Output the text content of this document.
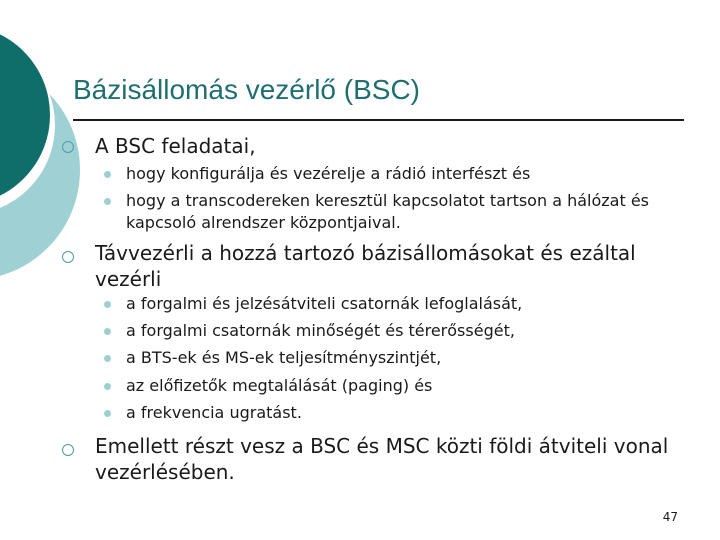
Bázisállomás vezérlő (BSC)
A BSC feladatai,
hogy konfigurálja és vezérelje a rádió interfészt és
hogy a transcodereken keresztül kapcsolatot tartson a hálózat és kapcsoló alrendszer központjaival.
Távvezérli a hozzá tartozó bázisállomásokat és ezáltal vezérli
a forgalmi és jelzésátviteli csatornák lefoglalását,
a forgalmi csatornák minőségét és térerősségét,
a BTS-ek és MS-ek teljesítményszintjét,
az előfizetők megtalálását (paging) és
a frekvencia ugratást.
Emellett részt vesz a BSC és MSC közti földi átviteli vonal vezérlésében.
47
